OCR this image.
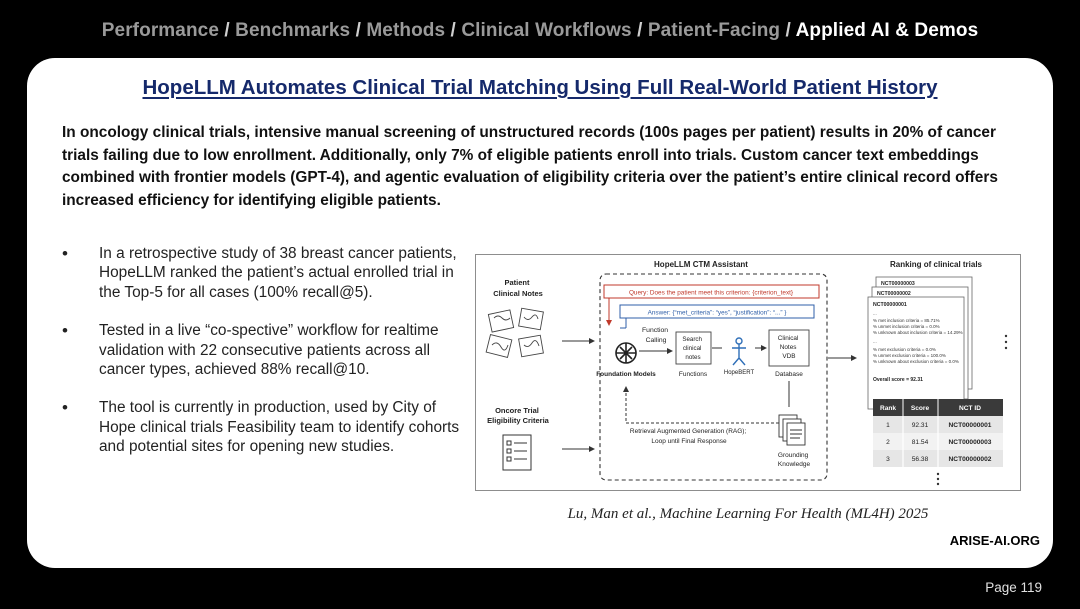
Performance / Benchmarks / Methods / Clinical Workflows / Patient-Facing / Applied AI & Demos
HopeLLM Automates Clinical Trial Matching Using Full Real-World Patient History

In oncology clinical trials, intensive manual screening of unstructured records (100s pages per patient) results in 20% of cancer trials failing due to low enrollment. Additionally, only 7% of eligible patients enroll into trials. Custom cancer text embeddings combined with frontier models (GPT-4), and agentic evaluation of eligibility criteria over the patient’s entire clinical record offers increased efficiency for identifying eligible patients.

• In a retrospective study of 38 breast cancer patients, HopeLLM ranked the patient’s actual enrolled trial in the Top-5 for all cases (100% recall@5).
• Tested in a live “co-spective” workflow for realtime validation with 22 consecutive patients across all cancer types, achieved 88% recall@10.
• The tool is currently in production, used by City of Hope clinical trials Feasibility team to identify cohorts and potential sites for opening new studies.
HopeLLM CTM Assistant	Ranking of clinical trials
Patient Clinical Notes
Oncore Trial Eligibility Criteria
Query: Does the patient meet this criterion: {criterion_text}
Answer: {“met_criteria”: “yes”, “justification”: “...” }
Foundation Models
Function Calling	Search clinical notes
Functions	HopeBERT
Clinical Notes VDB
Database
Grounding Knowledge
Retrieval Augmented Generation (RAG); Loop until Final Response
NCT00000003
NCT00000002
NCT00000001
...
% met inclusion criteria = 85.71%
% unmet inclusion criteria = 0.0%
% unknown about inclusion criteria = 14.29%
...
% met exclusion criteria = 0.0%
% unmet exclusion criteria = 100.0%
% unknown about exclusion criteria = 0.0%
Overall score = 92.31
Rank Score	NCT ID
1	92.31	NCT00000001
2	81.54	NCT00000003
3	56.38	NCT00000002
Lu, Man et al., Machine Learning For Health (ML4H) 2025
ARISE-AI.ORG
Page 119
